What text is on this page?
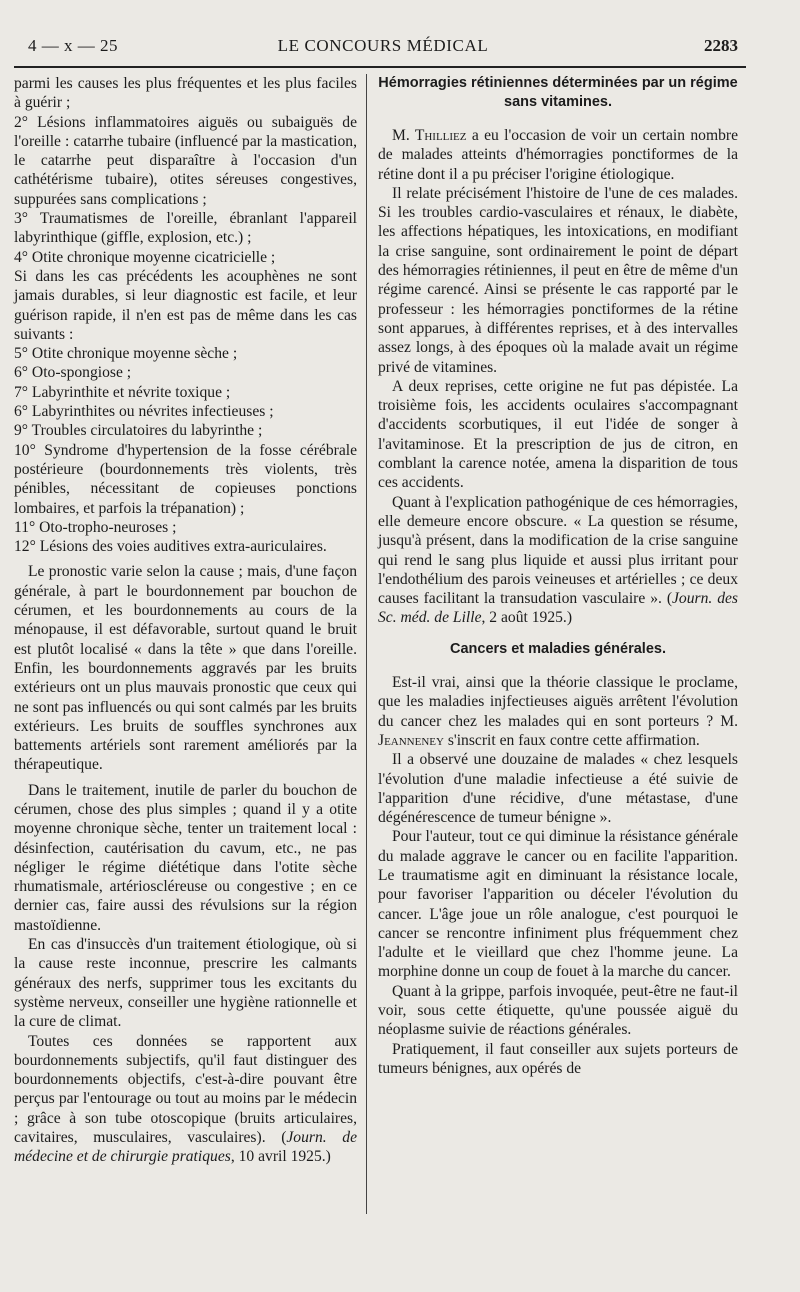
4 — x — 25	LE CONCOURS MÉDICAL	2283

parmi les causes les plus fréquentes et les plus faciles à guérir ;

2° Lésions inflammatoires aiguës ou subaiguës de l'oreille : catarrhe tubaire (influencé par la mastication, le catarrhe peut disparaître à l'occasion d'un cathétérisme tubaire), otites séreuses congestives, suppurées sans complications ;

3° Traumatismes de l'oreille, ébranlant l'appareil labyrinthique (giffle, explosion, etc.) ;

4° Otite chronique moyenne cicatricielle ;

Si dans les cas précédents les acouphènes ne sont jamais durables, si leur diagnostic est facile, et leur guérison rapide, il n'en est pas de même dans les cas suivants :

5° Otite chronique moyenne sèche ;

6° Oto-spongiose ;

7° Labyrinthite et névrite toxique ;

6° Labyrinthites ou névrites infectieuses ;

9° Troubles circulatoires du labyrinthe ;

10° Syndrome d'hypertension de la fosse cérébrale postérieure (bourdonnements très violents, très pénibles, nécessitant de copieuses ponctions lombaires, et parfois la trépanation) ;

11° Oto-tropho-neuroses ;

12° Lésions des voies auditives extra-auriculaires.

Le pronostic varie selon la cause ; mais, d'une façon générale, à part le bourdonnement par bouchon de cérumen, et les bourdonnements au cours de la ménopause, il est défavorable, surtout quand le bruit est plutôt localisé « dans la tête » que dans l'oreille. Enfin, les bourdonnements aggravés par les bruits extérieurs ont un plus mauvais pronostic que ceux qui ne sont pas influencés ou qui sont calmés par les bruits extérieurs. Les bruits de souffles synchrones aux battements artériels sont rarement améliorés par la thérapeutique.

Dans le traitement, inutile de parler du bouchon de cérumen, chose des plus simples ; quand il y a otite moyenne chronique sèche, tenter un traitement local : désinfection, cautérisation du cavum, etc., ne pas négliger le régime diététique dans l'otite sèche rhumatismale, artérioscléreuse ou congestive ; en ce dernier cas, faire aussi des révulsions sur la région mastoïdienne.

En cas d'insuccès d'un traitement étiologique, où si la cause reste inconnue, prescrire les calmants généraux des nerfs, supprimer tous les excitants du système nerveux, conseiller une hygiène rationnelle et la cure de climat.

Toutes ces données se rapportent aux bourdonnements subjectifs, qu'il faut distinguer des bourdonnements objectifs, c'est-à-dire pouvant être perçus par l'entourage ou tout au moins par le médecin ; grâce à son tube otoscopique (bruits articulaires, cavitaires, musculaires, vasculaires). (Journ. de médecine et de chirurgie pratiques, 10 avril 1925.)

Hémorragies rétiniennes déterminées par un régime sans vitamines.

M. Thilliez a eu l'occasion de voir un certain nombre de malades atteints d'hémorragies ponctiformes de la rétine dont il a pu préciser l'origine étiologique.

Il relate précisément l'histoire de l'une de ces malades. Si les troubles cardio-vasculaires et rénaux, le diabète, les affections hépatiques, les intoxications, en modifiant la crise sanguine, sont ordinairement le point de départ des hémorragies rétiniennes, il peut en être de même d'un régime carencé. Ainsi se présente le cas rapporté par le professeur : les hémorragies ponctiformes de la rétine sont apparues, à différentes reprises, et à des intervalles assez longs, à des époques où la malade avait un régime privé de vitamines.

A deux reprises, cette origine ne fut pas dépistée. La troisième fois, les accidents oculaires s'accompagnant d'accidents scorbutiques, il eut l'idée de songer à l'avitaminose. Et la prescription de jus de citron, en comblant la carence notée, amena la disparition de tous ces accidents.

Quant à l'explication pathogénique de ces hémorragies, elle demeure encore obscure. « La question se résume, jusqu'à présent, dans la modification de la crise sanguine qui rend le sang plus liquide et aussi plus irritant pour l'endothélium des parois veineuses et artérielles ; ce deux causes facilitant la transudation vasculaire ». (Journ. des Sc. méd. de Lille, 2 août 1925.)

Cancers et maladies générales.

Est-il vrai, ainsi que la théorie classique le proclame, que les maladies injfectieuses aiguës arrêtent l'évolution du cancer chez les malades qui en sont porteurs ? M. Jeanneney s'inscrit en faux contre cette affirmation.

Il a observé une douzaine de malades « chez lesquels l'évolution d'une maladie infectieuse a été suivie de l'apparition d'une récidive, d'une métastase, d'une dégénérescence de tumeur bénigne ».

Pour l'auteur, tout ce qui diminue la résistance générale du malade aggrave le cancer ou en facilite l'apparition. Le traumatisme agit en diminuant la résistance locale, pour favoriser l'apparition ou déceler l'évolution du cancer. L'âge joue un rôle analogue, c'est pourquoi le cancer se rencontre infiniment plus fréquemment chez l'adulte et le vieillard que chez l'homme jeune. La morphine donne un coup de fouet à la marche du cancer.

Quant à la grippe, parfois invoquée, peut-être ne faut-il voir, sous cette étiquette, qu'une poussée aiguë du néoplasme suivie de réactions générales.

Pratiquement, il faut conseiller aux sujets porteurs de tumeurs bénignes, aux opérés de
